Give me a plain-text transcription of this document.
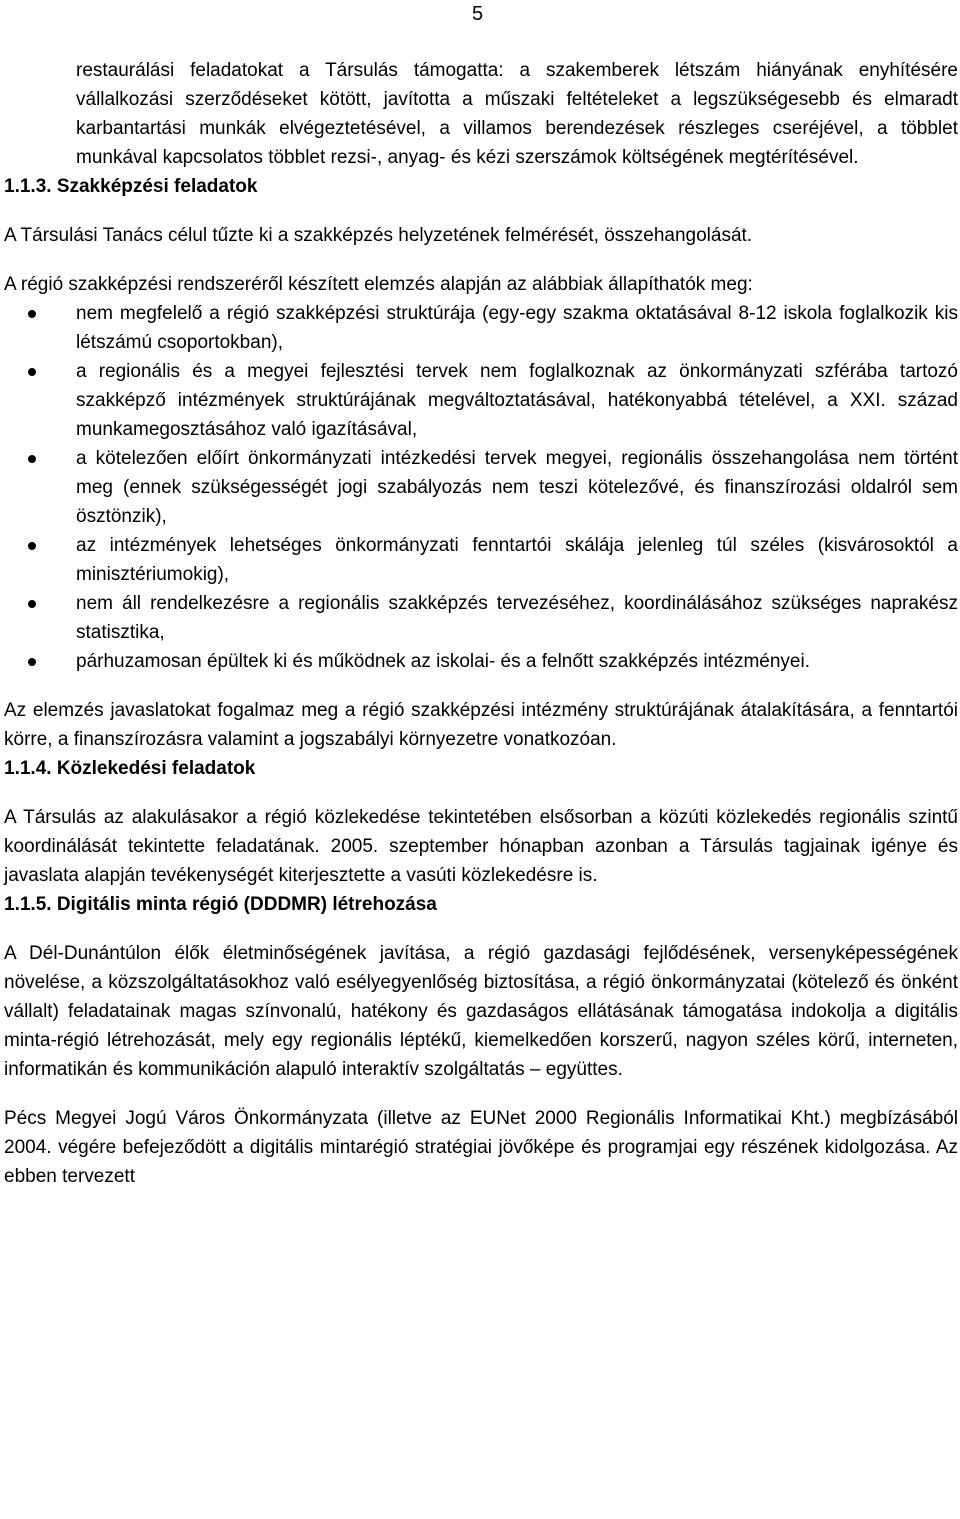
5

restaurálási feladatokat a Társulás támogatta: a szakemberek létszám hiányának enyhítésére vállalkozási szerződéseket kötött, javította a műszaki feltételeket a legszükségesebb és elmaradt karbantartási munkák elvégeztetésével, a villamos berendezések részleges cseréjével, a többlet munkával kapcsolatos többlet rezsi-, anyag- és kézi szerszámok költségének megtérítésével.

1.1.3. Szakképzési feladatok

A Társulási Tanács célul tűzte ki a szakképzés helyzetének felmérését, összehangolását.

A régió szakképzési rendszeréről készített elemzés alapján az alábbiak állapíthatók meg:

nem megfelelő a régió szakképzési struktúrája (egy-egy szakma oktatásával 8-12 iskola foglalkozik kis létszámú csoportokban),
a regionális és a megyei fejlesztési tervek nem foglalkoznak az önkormányzati szférába tartozó szakképző intézmények struktúrájának megváltoztatásával, hatékonyabbá tételével, a XXI. század munkamegosztásához való igazításával,
a kötelezően előírt önkormányzati intézkedési tervek megyei, regionális összehangolása nem történt meg (ennek szükségességét jogi szabályozás nem teszi kötelezővé, és finanszírozási oldalról sem ösztönzik),
az intézmények lehetséges önkormányzati fenntartói skálája jelenleg túl széles (kisvárosoktól a minisztériumokig),
nem áll rendelkezésre a regionális szakképzés tervezéséhez, koordinálásához szükséges naprakész statisztika,
párhuzamosan épültek ki és működnek az iskolai- és a felnőtt szakképzés intézményei.

Az elemzés javaslatokat fogalmaz meg a régió szakképzési intézmény struktúrájának átalakítására, a fenntartói körre, a finanszírozásra valamint a jogszabályi környezetre vonatkozóan.

1.1.4. Közlekedési feladatok

A Társulás az alakulásakor a régió közlekedése tekintetében elsősorban a közúti közlekedés regionális szintű koordinálását tekintette feladatának. 2005. szeptember hónapban azonban a Társulás tagjainak igénye és javaslata alapján tevékenységét kiterjesztette a vasúti közlekedésre is.

1.1.5. Digitális minta régió (DDDMR) létrehozása

A Dél-Dunántúlon élők életminőségének javítása, a régió gazdasági fejlődésének, versenyképességének növelése, a közszolgáltatásokhoz való esélyegyenlőség biztosítása, a régió önkormányzatai (kötelező és önként vállalt) feladatainak magas színvonalú, hatékony és gazdaságos ellátásának támogatása indokolja a digitális minta-régió létrehozását, mely egy regionális léptékű, kiemelkedően korszerű, nagyon széles körű, interneten, informatikán és kommunikáción alapuló interaktív szolgáltatás – együttes.

Pécs Megyei Jogú Város Önkormányzata (illetve az EUNet 2000 Regionális Informatikai Kht.) megbízásából 2004. végére befejeződött a digitális mintarégió stratégiai jövőképe és programjai egy részének kidolgozása. Az ebben tervezett
